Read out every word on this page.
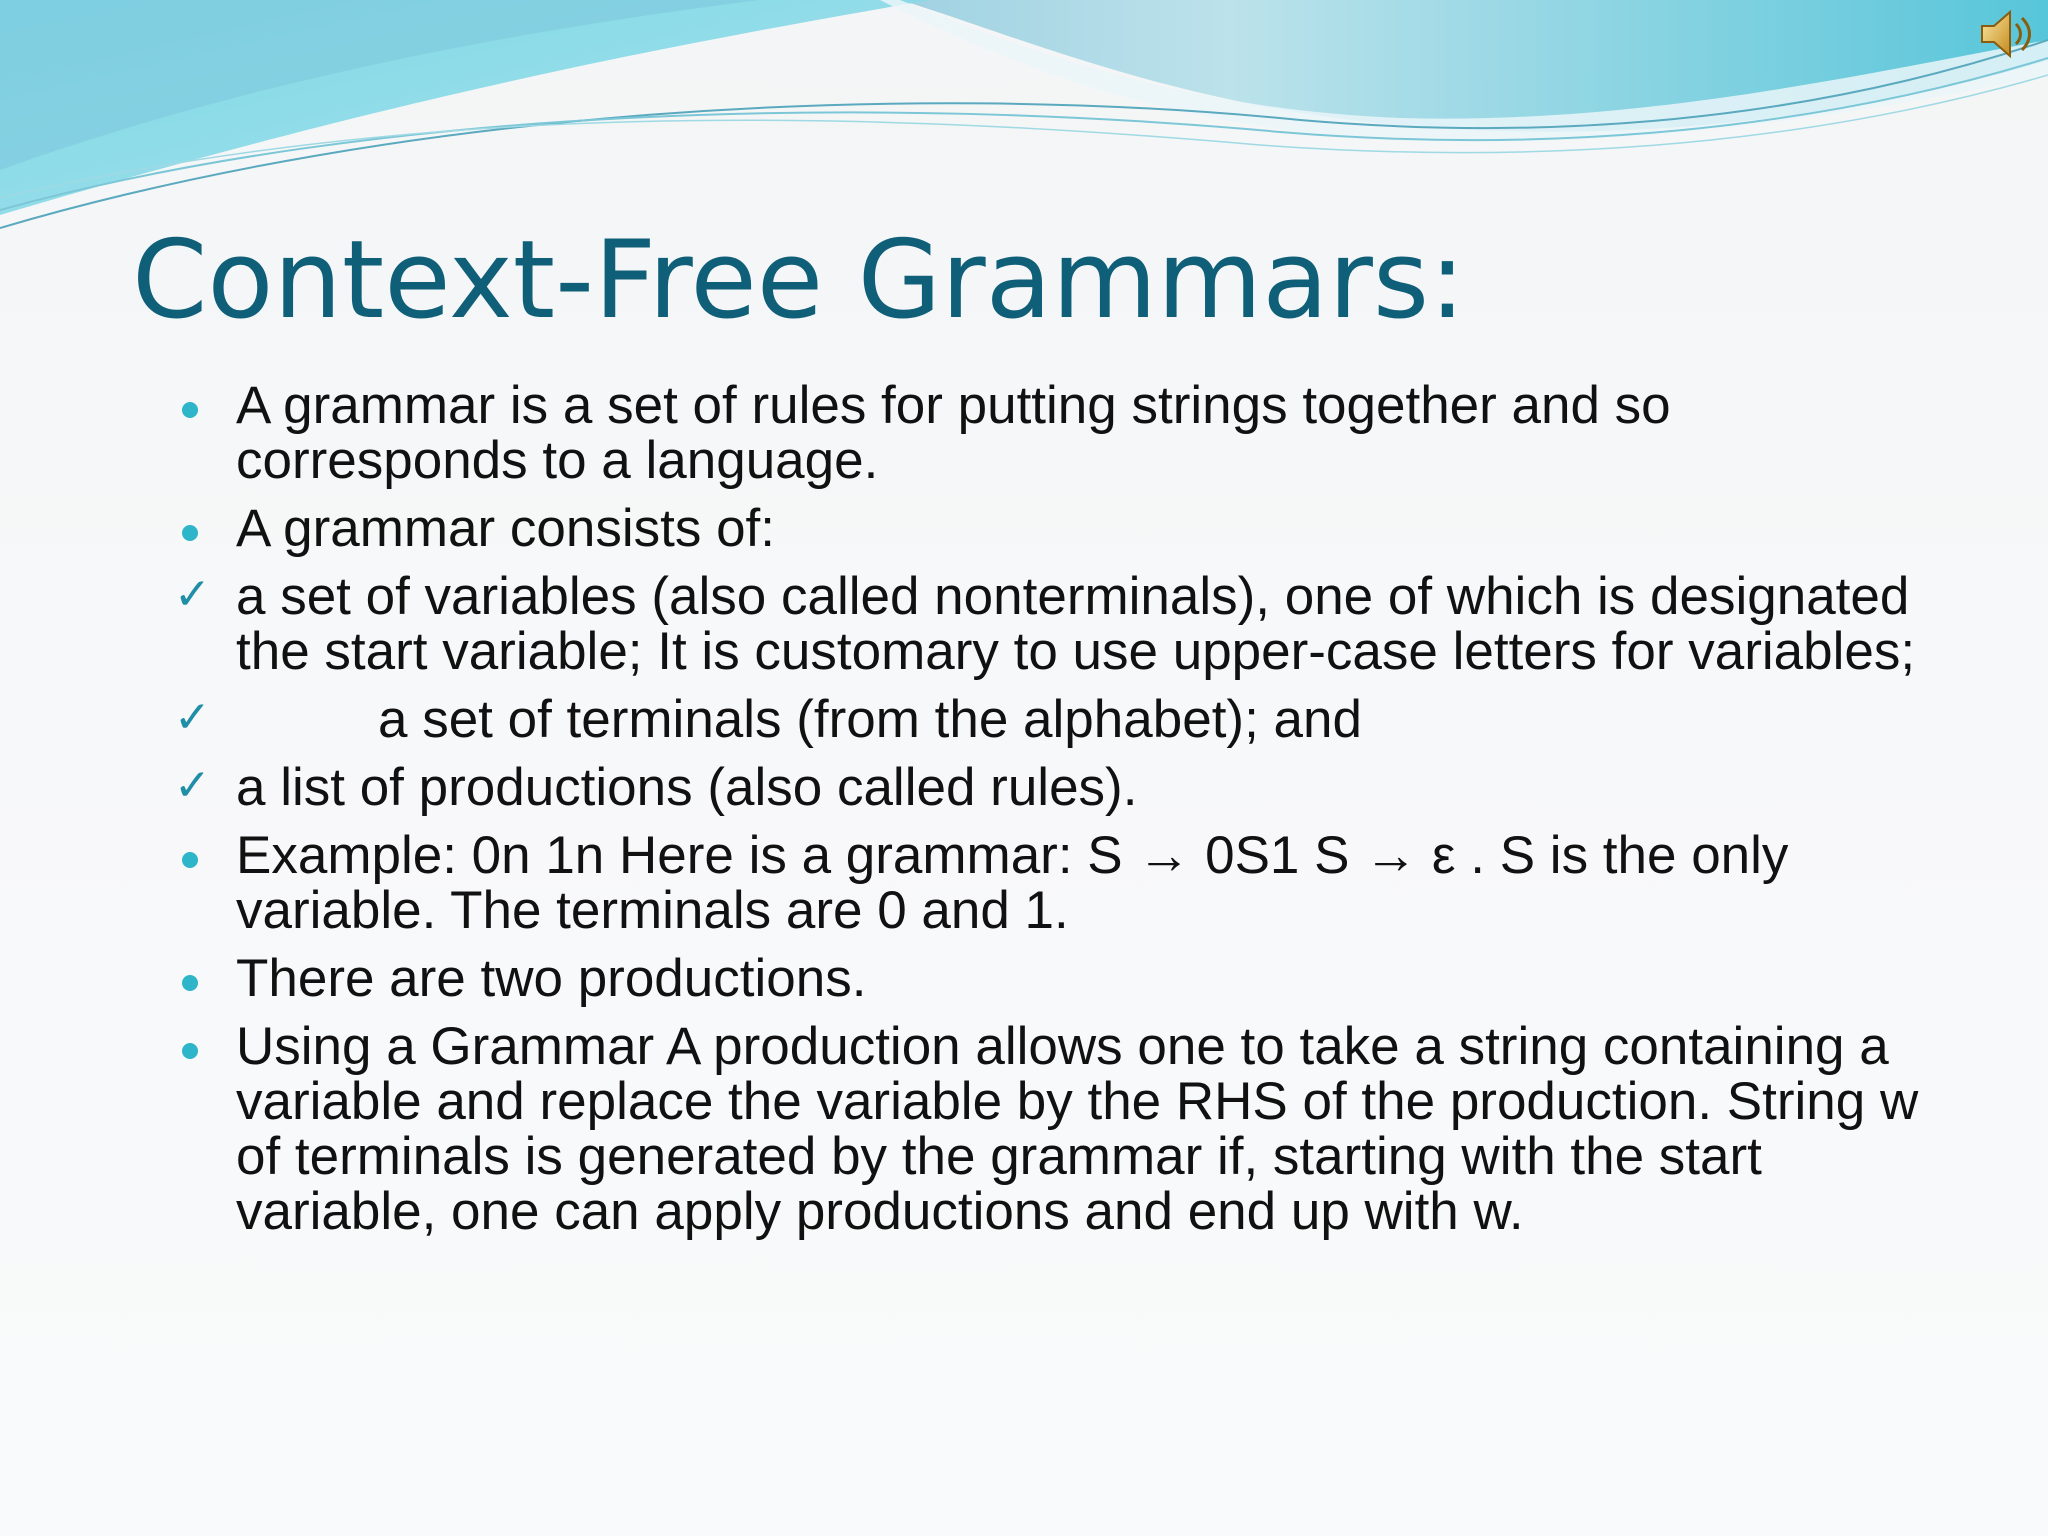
Context-Free Grammars:
A grammar is a set of rules for putting strings together and so corresponds to a language.
A grammar consists of:
✓ a set of variables (also called nonterminals), one of which is designated the start variable; It is customary to use upper-case letters for variables;
✓	a set of terminals (from the alphabet); and
✓ a list of productions (also called rules).
Example: 0n 1n Here is a grammar: S → 0S1 S → ε . S is the only variable. The terminals are 0 and 1.
There are two productions.
Using a Grammar A production allows one to take a string containing a variable and replace the variable by the RHS of the production. String w of terminals is generated by the grammar if, starting with the start variable, one can apply productions and end up with w.
